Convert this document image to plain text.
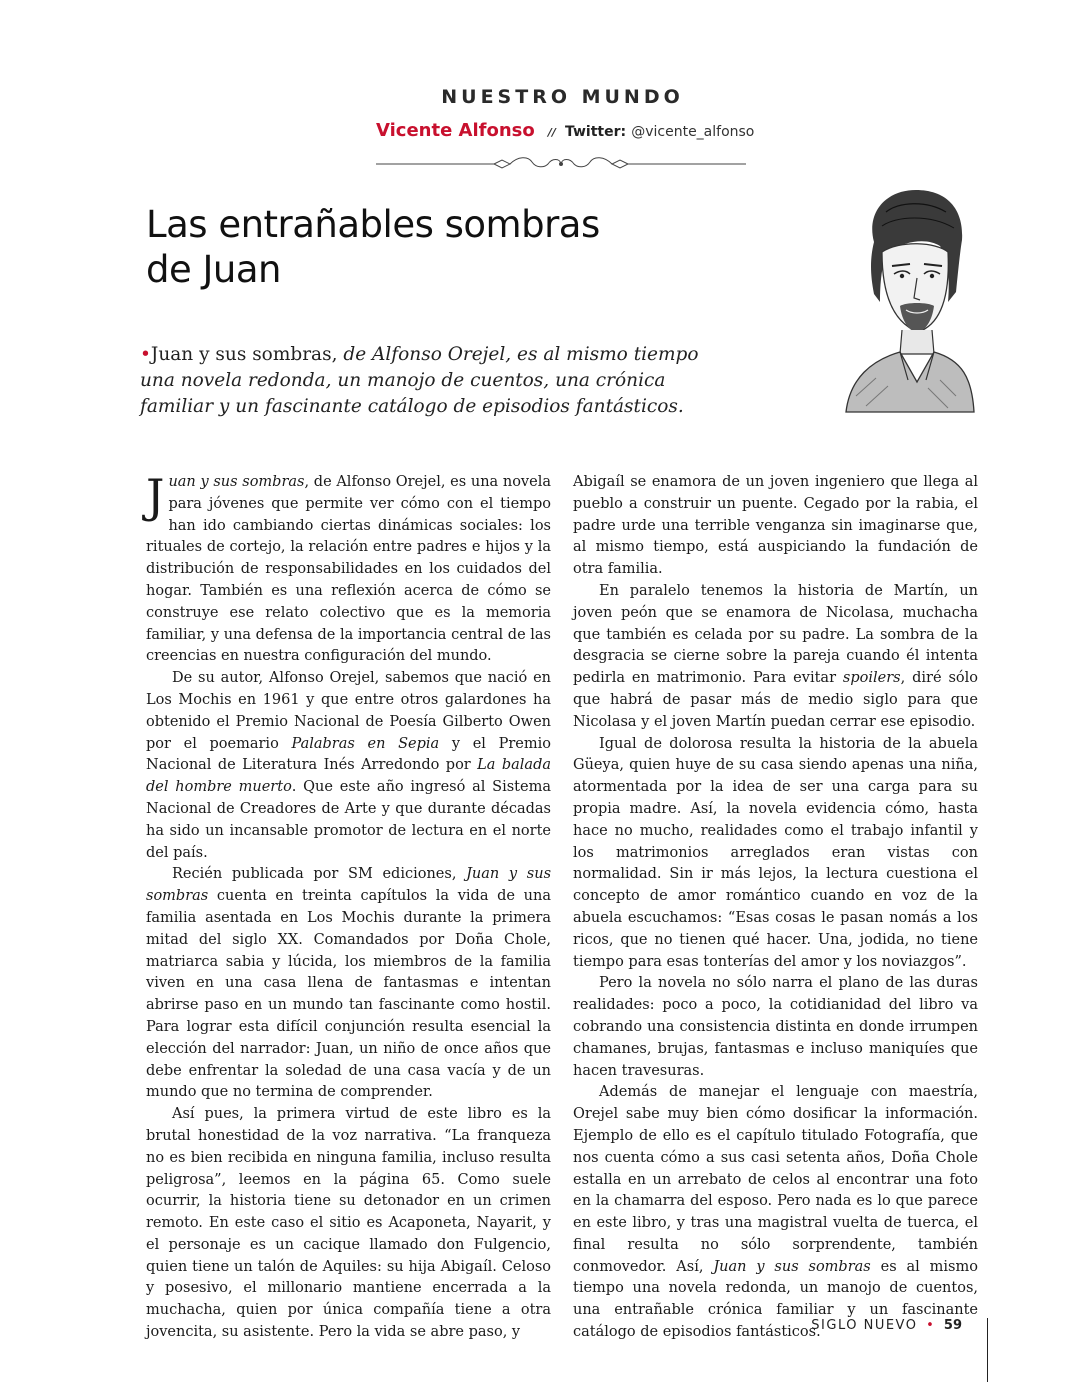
NUESTRO MUNDO
Vicente Alfonso // Twitter: @vicente_alfonso
Las entrañables sombras
de Juan
•Juan y sus sombras, de Alfonso Orejel, es al mismo tiempo una novela redonda, un manojo de cuentos, una crónica familiar y un fascinante catálogo de episodios fantásticos.

Juan y sus sombras, de Alfonso Orejel, es una novela para jóvenes que permite ver cómo con el tiempo han ido cambiando ciertas dinámicas sociales: los rituales de cortejo, la relación entre padres e hijos y la distribución de responsabilidades en los cuidados del hogar. También es una reflexión acerca de cómo se construye ese relato colectivo que es la memoria familiar, y una defensa de la importancia central de las creencias en nuestra configuración del mundo.

De su autor, Alfonso Orejel, sabemos que nació en Los Mochis en 1961 y que entre otros galardones ha obtenido el Premio Nacional de Poesía Gilberto Owen por el poemario Palabras en Sepia y el Premio Nacional de Literatura Inés Arredondo por La balada del hombre muerto. Que este año ingresó al Sistema Nacional de Creadores de Arte y que durante décadas ha sido un incansable promotor de lectura en el norte del país.

Recién publicada por SM ediciones, Juan y sus sombras cuenta en treinta capítulos la vida de una familia asentada en Los Mochis durante la primera mitad del siglo XX. Comandados por Doña Chole, matriarca sabia y lúcida, los miembros de la familia viven en una casa llena de fantasmas e intentan abrirse paso en un mundo tan fascinante como hostil. Para lograr esta difícil conjunción resulta esencial la elección del narrador: Juan, un niño de once años que debe enfrentar la soledad de una casa vacía y de un mundo que no termina de comprender.

Así pues, la primera virtud de este libro es la brutal honestidad de la voz narrativa. “La franqueza no es bien recibida en ninguna familia, incluso resulta peligrosa”, leemos en la página 65. Como suele ocurrir, la historia tiene su detonador en un crimen remoto. En este caso el sitio es Acaponeta, Nayarit, y el personaje es un cacique llamado don Fulgencio, quien tiene un talón de Aquiles: su hija Abigaíl. Celoso y posesivo, el millonario mantiene encerrada a la muchacha, quien por única compañía tiene a otra jovencita, su asistente. Pero la vida se abre paso, y

Abigaíl se enamora de un joven ingeniero que llega al pueblo a construir un puente. Cegado por la rabia, el padre urde una terrible venganza sin imaginarse que, al mismo tiempo, está auspiciando la fundación de otra familia.

En paralelo tenemos la historia de Martín, un joven peón que se enamora de Nicolasa, muchacha que también es celada por su padre. La sombra de la desgracia se cierne sobre la pareja cuando él intenta pedirla en matrimonio. Para evitar spoilers, diré sólo que habrá de pasar más de medio siglo para que Nicolasa y el joven Martín puedan cerrar ese episodio.

Igual de dolorosa resulta la historia de la abuela Güeya, quien huye de su casa siendo apenas una niña, atormentada por la idea de ser una carga para su propia madre. Así, la novela evidencia cómo, hasta hace no mucho, realidades como el trabajo infantil y los matrimonios arreglados eran vistas con normalidad. Sin ir más lejos, la lectura cuestiona el concepto de amor romántico cuando en voz de la abuela escuchamos: “Esas cosas le pasan nomás a los ricos, que no tienen qué hacer. Una, jodida, no tiene tiempo para esas tonterías del amor y los noviazgos”.

Pero la novela no sólo narra el plano de las duras realidades: poco a poco, la cotidianidad del libro va cobrando una consistencia distinta en donde irrumpen chamanes, brujas, fantasmas e incluso maniquíes que hacen travesuras.

Además de manejar el lenguaje con maestría, Orejel sabe muy bien cómo dosificar la información. Ejemplo de ello es el capítulo titulado Fotografía, que nos cuenta cómo a sus casi setenta años, Doña Chole estalla en un arrebato de celos al encontrar una foto en la chamarra del esposo. Pero nada es lo que parece en este libro, y tras una magistral vuelta de tuerca, el final resulta no sólo sorprendente, también conmovedor. Así, Juan y sus sombras es al mismo tiempo una novela redonda, un manojo de cuentos, una entrañable crónica familiar y un fascinante catálogo de episodios fantásticos.

SIGLO NUEVO • 59
